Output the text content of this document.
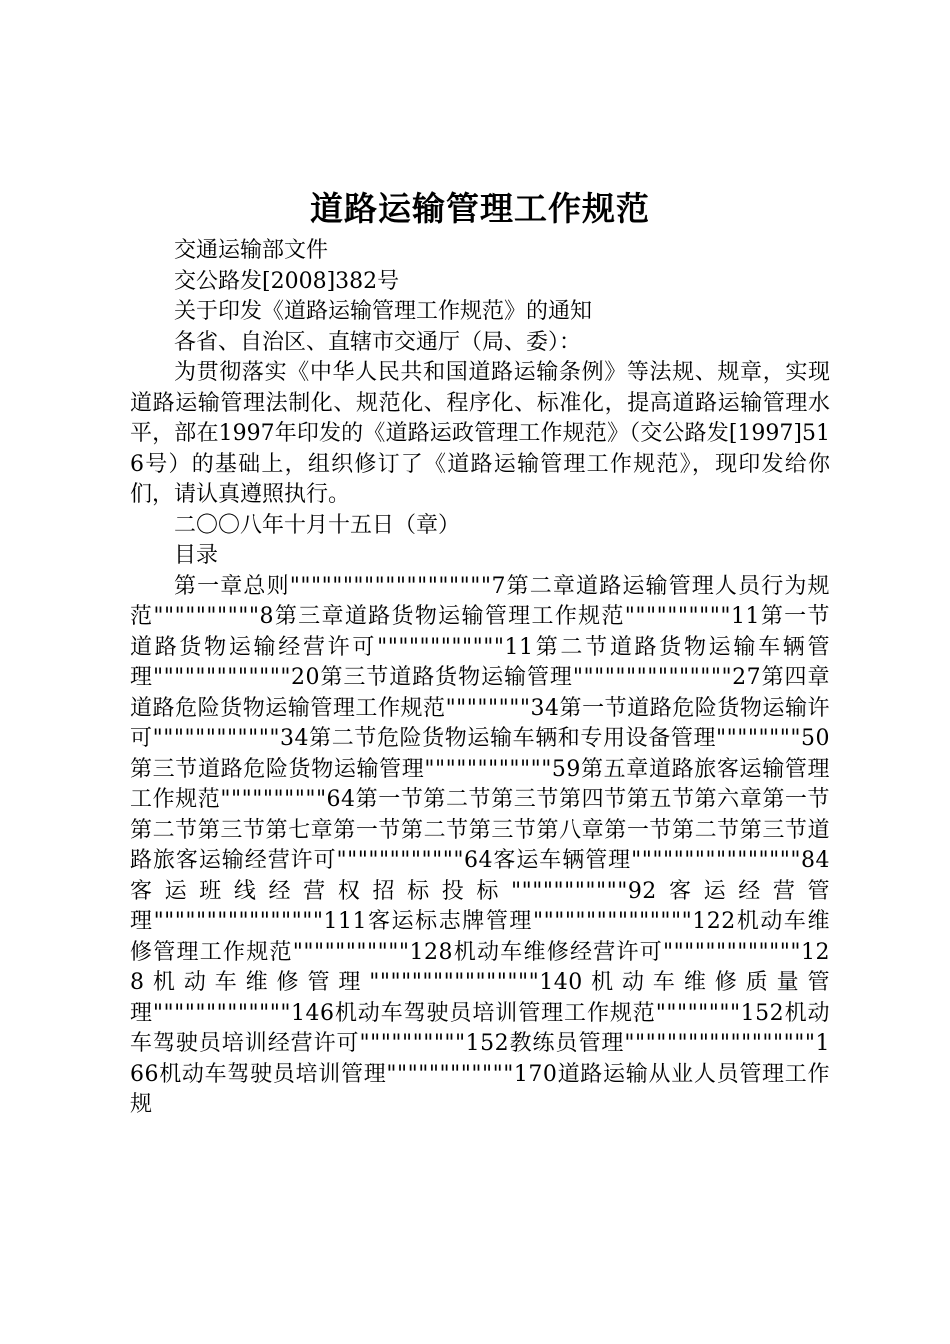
道路运输管理工作规范

交通运输部文件

交公路发[2008]382号

关于印发《道路运输管理工作规范》的通知

各省、自治区、直辖市交通厅（局、委）：

为贯彻落实《中华人民共和国道路运输条例》等法规、规章，实现道路运输管理法制化、规范化、程序化、标准化，提高道路运输管理水平，部在1997年印发的《道路运政管理工作规范》（交公路发[1997]516号）的基础上，组织修订了《道路运输管理工作规范》，现印发给你们，请认真遵照执行。

二〇〇八年十月十五日（章）

目录

第一章总则"""""""""""""""""""7第二章道路运输管理人员行为规范""""""""""8第三章道路货物运输管理工作规范""""""""""11第一节道路货物运输经营许可""""""""""""11第二节道路货物运输车辆管理"""""""""""""20第三节道路货物运输管理"""""""""""""""27第四章道路危险货物运输管理工作规范""""""""34第一节道路危险货物运输许可""""""""""""34第二节危险货物运输车辆和专用设备管理""""""""50第三节道路危险货物运输管理""""""""""""59第五章道路旅客运输管理工作规范""""""""""64第一节第二节第三节第四节第五节第六章第一节第二节第三节第七章第一节第二节第三节第八章第一节第二节第三节道路旅客运输经营许可""""""""""""64客运车辆管理""""""""""""""""84客运班线经营权招标投标"""""""""""92客运经营管理""""""""""""""""111客运标志牌管理"""""""""""""""122机动车维修管理工作规范"""""""""""128机动车维修经营许可"""""""""""""128机动车维修管理""""""""""""""""140机动车维修质量管理"""""""""""""146机动车驾驶员培训管理工作规范""""""""152机动车驾驶员培训经营许可""""""""""152教练员管理""""""""""""""""""166机动车驾驶员培训管理""""""""""""170道路运输从业人员管理工作规
